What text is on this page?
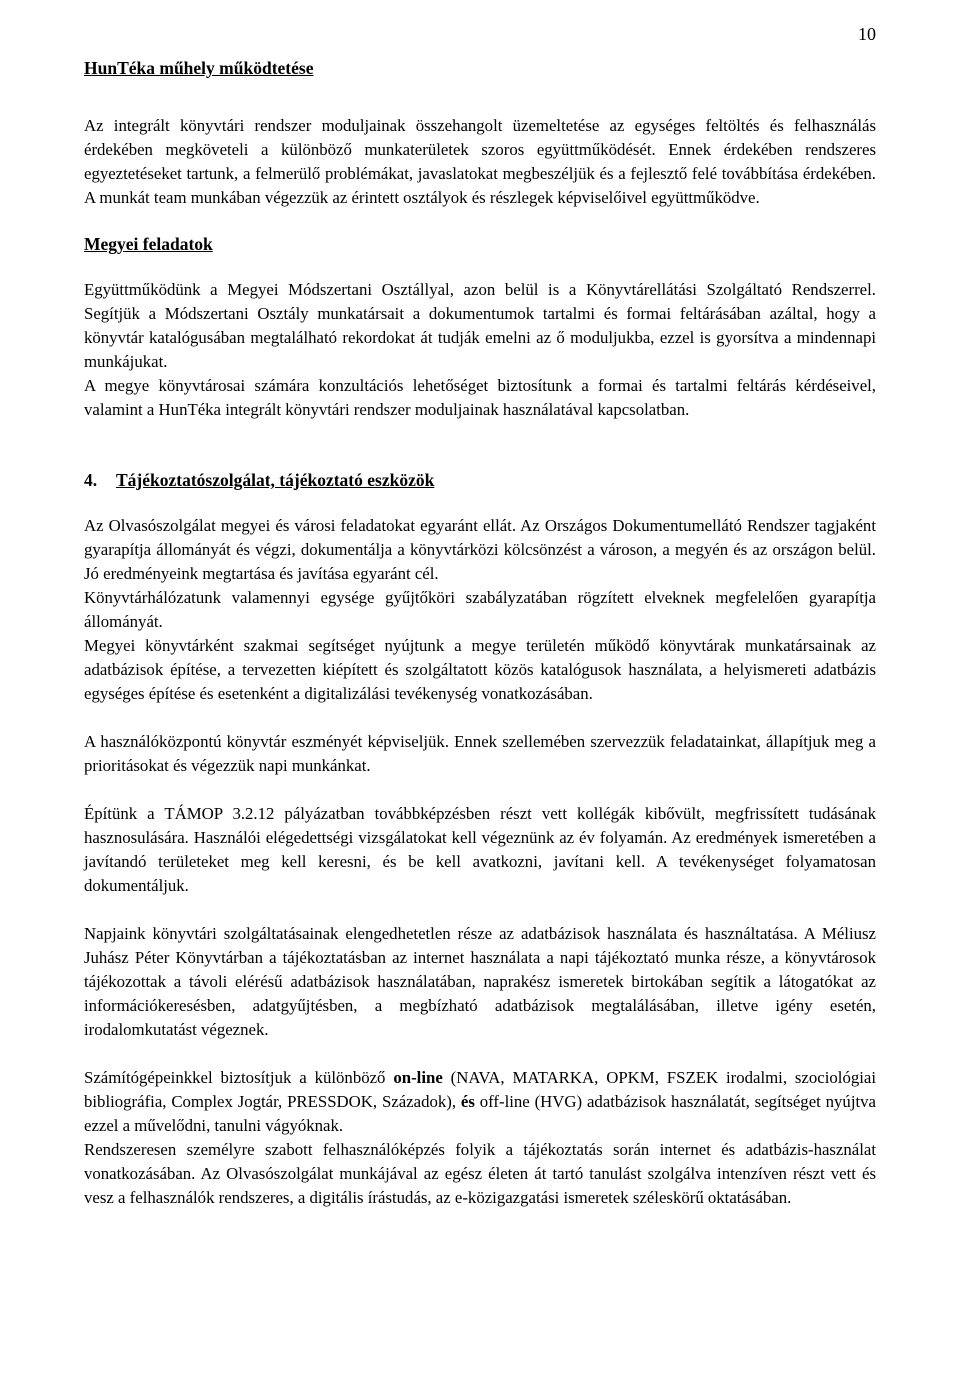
10

HunTéka műhely működtetése

Az integrált könyvtári rendszer moduljainak összehangolt üzemeltetése az egységes feltöltés és felhasználás érdekében megköveteli a különböző munkaterületek szoros együttműködését. Ennek érdekében rendszeres egyeztetéseket tartunk, a felmerülő problémákat, javaslatokat megbeszéljük és a fejlesztő felé továbbítása érdekében. A munkát team munkában végezzük az érintett osztályok és részlegek képviselőivel együttműködve.

Megyei feladatok

Együttműködünk a Megyei Módszertani Osztállyal, azon belül is a Könyvtárellátási Szolgáltató Rendszerrel. Segítjük a Módszertani Osztály munkatársait a dokumentumok tartalmi és formai feltárásában azáltal, hogy a könyvtár katalógusában megtalálható rekordokat át tudják emelni az ő moduljukba, ezzel is gyorsítva a mindennapi munkájukat.

A megye könyvtárosai számára konzultációs lehetőséget biztosítunk a formai és tartalmi feltárás kérdéseivel, valamint a HunTéka integrált könyvtári rendszer moduljainak használatával kapcsolatban.

4. Tájékoztatószolgálat, tájékoztató eszközök

Az Olvasószolgálat megyei és városi feladatokat egyaránt ellát. Az Országos Dokumentumellátó Rendszer tagjaként gyarapítja állományát és végzi, dokumentálja a könyvtárközi kölcsönzést a városon, a megyén és az országon belül. Jó eredményeink megtartása és javítása egyaránt cél.

Könyvtárhálózatunk valamennyi egysége gyűjtőköri szabályzatában rögzített elveknek megfelelően gyarapítja állományát.

Megyei könyvtárként szakmai segítséget nyújtunk a megye területén működő könyvtárak munkatársainak az adatbázisok építése, a tervezetten kiépített és szolgáltatott közös katalógusok használata, a helyismereti adatbázis egységes építése és esetenként a digitalizálási tevékenység vonatkozásában.

A használóközpontú könyvtár eszményét képviseljük. Ennek szellemében szervezzük feladatainkat, állapítjuk meg a prioritásokat és végezzük napi munkánkat.

Építünk a TÁMOP 3.2.12 pályázatban továbbképzésben részt vett kollégák kibővült, megfrissített tudásának hasznosulására. Használói elégedettségi vizsgálatokat kell végeznünk az év folyamán. Az eredmények ismeretében a javítandó területeket meg kell keresni, és be kell avatkozni, javítani kell. A tevékenységet folyamatosan dokumentáljuk.

Napjaink könyvtári szolgáltatásainak elengedhetetlen része az adatbázisok használata és használtatása. A Méliusz Juhász Péter Könyvtárban a tájékoztatásban az internet használata a napi tájékoztató munka része, a könyvtárosok tájékozottak a távoli elérésű adatbázisok használatában, naprakész ismeretek birtokában segítik a látogatókat az információkeresésben, adatgyűjtésben, a megbízható adatbázisok megtalálásában, illetve igény esetén, irodalomkutatást végeznek.

Számítógépeinkkel biztosítjuk a különböző on-line (NAVA, MATARKA, OPKM, FSZEK irodalmi, szociológiai bibliográfia, Complex Jogtár, PRESSDOK, Századok), és off-line (HVG) adatbázisok használatát, segítséget nyújtva ezzel a művelődni, tanulni vágyóknak.

Rendszeresen személyre szabott felhasználóképzés folyik a tájékoztatás során internet és adatbázis-használat vonatkozásában. Az Olvasószolgálat munkájával az egész életen át tartó tanulást szolgálva intenzíven részt vett és vesz a felhasználók rendszeres, a digitális írástudás, az e-közigazgatási ismeretek széleskörű oktatásában.
